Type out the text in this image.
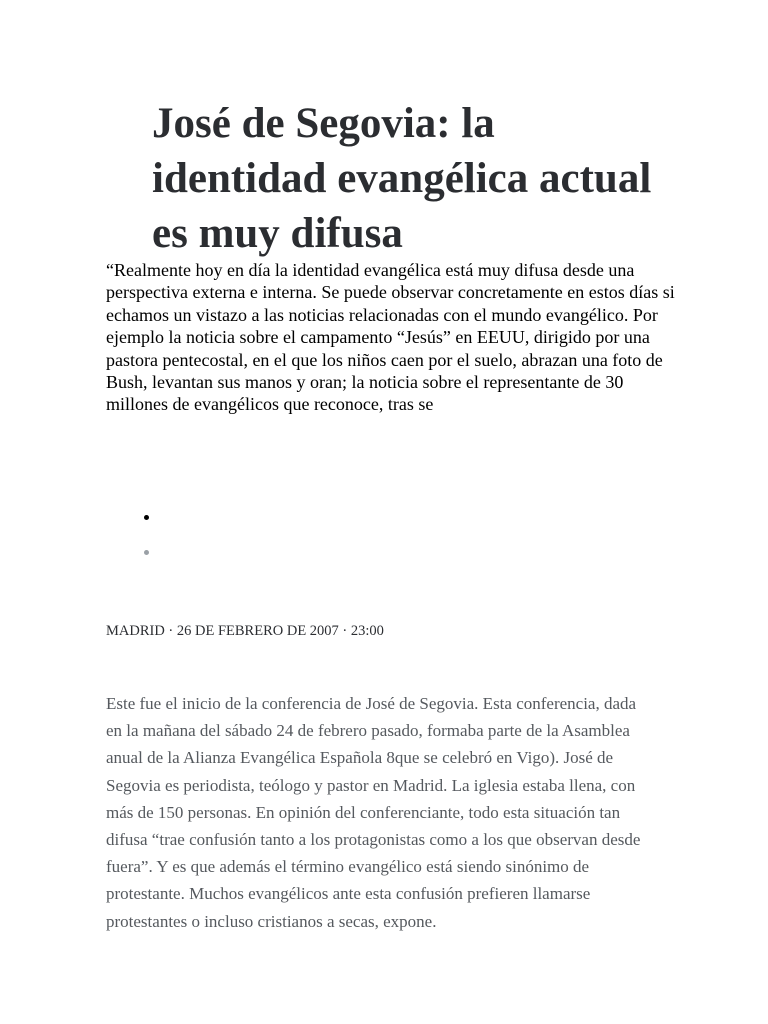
José de Segovia: la identidad evangélica actual es muy difusa

“Realmente hoy en día la identidad evangélica está muy difusa desde una perspectiva externa e interna. Se puede observar concretamente en estos días si echamos un vistazo a las noticias relacionadas con el mundo evangélico. Por ejemplo la noticia sobre el campamento “Jesús” en EEUU, dirigido por una pastora pentecostal, en el que los niños caen por el suelo, abrazan una foto de Bush, levantan sus manos y oran; la noticia sobre el representante de 30 millones de evangélicos que reconoce, tras se

MADRID · 26 DE FEBRERO DE 2007 · 23:00

Este fue el inicio de la conferencia de José de Segovia. Esta conferencia, dada en la mañana del sábado 24 de febrero pasado, formaba parte de la Asamblea anual de la Alianza Evangélica Española 8que se celebró en Vigo). José de Segovia es periodista, teólogo y pastor en Madrid. La iglesia estaba llena, con más de 150 personas. En opinión del conferenciante, todo esta situación tan difusa “trae confusión tanto a los protagonistas como a los que observan desde fuera”. Y es que además el término evangélico está siendo sinónimo de protestante. Muchos evangélicos ante esta confusión prefieren llamarse protestantes o incluso cristianos a secas, expone.
